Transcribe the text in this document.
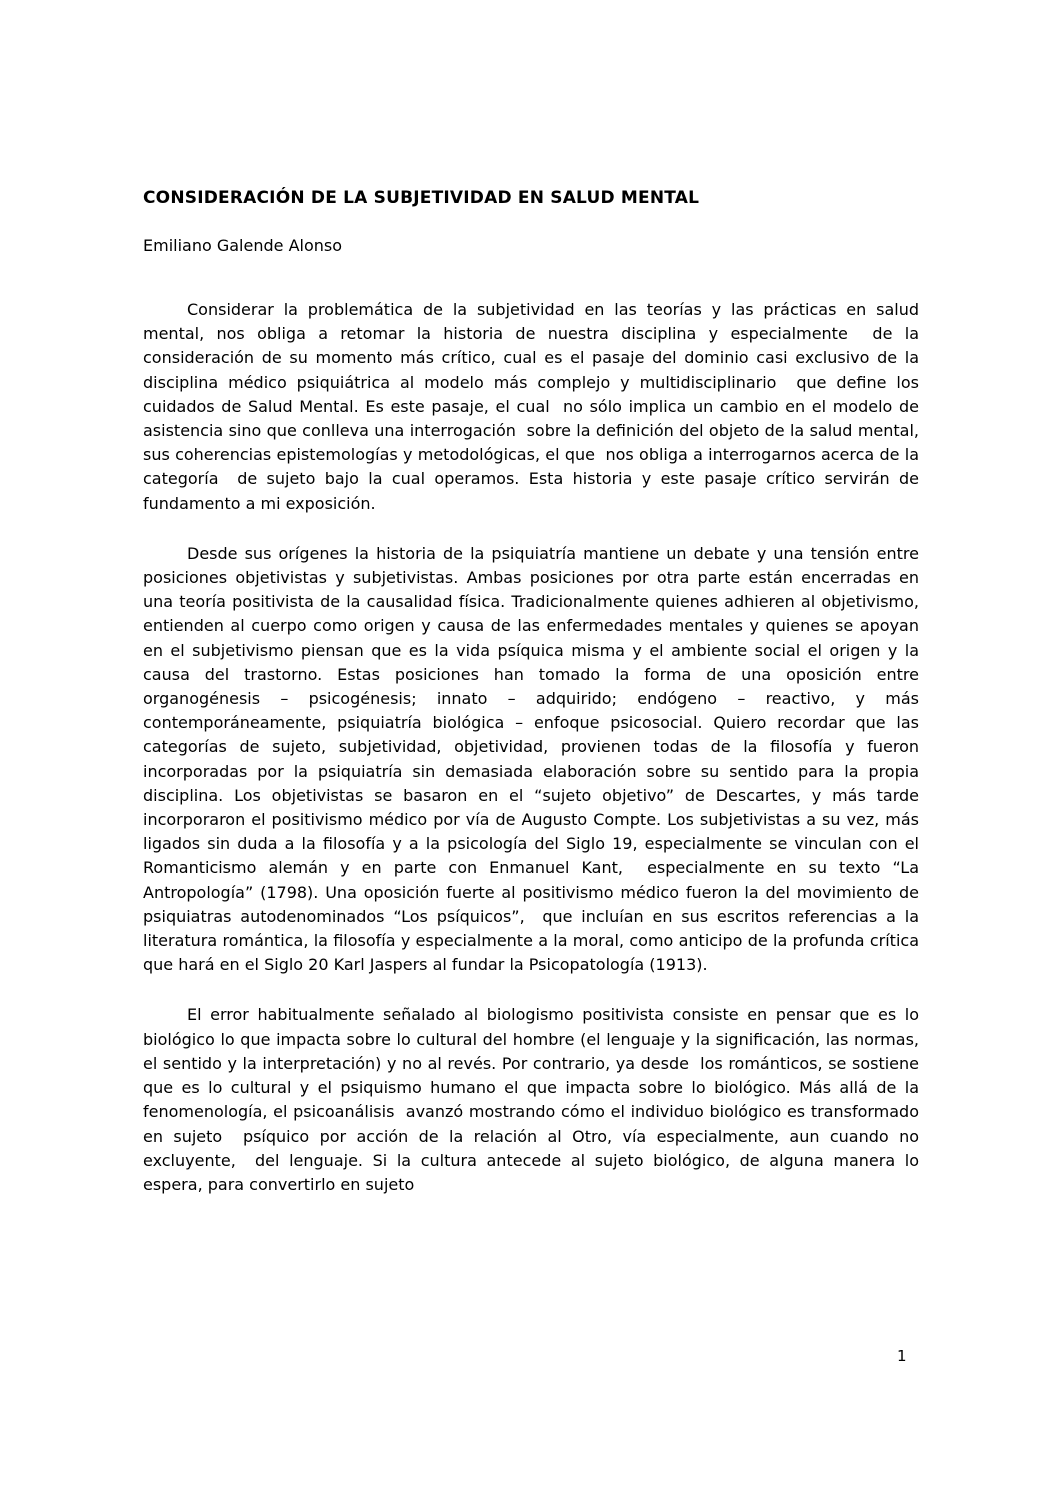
CONSIDERACIÓN DE LA SUBJETIVIDAD EN SALUD MENTAL

Emiliano Galende Alonso

Considerar la problemática de la subjetividad en las teorías y las prácticas en salud mental, nos obliga a retomar la historia de nuestra disciplina y especialmente  de la consideración de su momento más crítico, cual es el pasaje del dominio casi exclusivo de la disciplina médico psiquiátrica al modelo más complejo y multidisciplinario  que define los cuidados de Salud Mental. Es este pasaje, el cual  no sólo implica un cambio en el modelo de asistencia sino que conlleva una interrogación  sobre la definición del objeto de la salud mental, sus coherencias epistemologías y metodológicas, el que  nos obliga a interrogarnos acerca de la  categoría  de sujeto bajo la cual operamos. Esta historia y este pasaje crítico servirán de fundamento a mi exposición.

Desde sus orígenes la historia de la psiquiatría mantiene un debate y una tensión entre posiciones objetivistas y subjetivistas. Ambas posiciones por otra parte están encerradas en una teoría positivista de la causalidad física. Tradicionalmente quienes adhieren al objetivismo, entienden al cuerpo como origen y causa de las enfermedades mentales y quienes se apoyan en el subjetivismo piensan que es la vida psíquica misma y el ambiente social el origen y la causa del trastorno. Estas posiciones han tomado la forma de una oposición entre organogénesis – psicogénesis; innato – adquirido; endógeno – reactivo, y más contemporáneamente, psiquiatría biológica – enfoque psicosocial. Quiero recordar que las categorías de sujeto, subjetividad, objetividad, provienen todas de la filosofía y fueron incorporadas por la psiquiatría sin demasiada elaboración sobre su sentido para la propia disciplina. Los objetivistas se basaron en el “sujeto objetivo” de Descartes, y más tarde incorporaron el positivismo médico por vía de Augusto Compte. Los subjetivistas a su vez, más ligados sin duda a la filosofía y a la psicología del Siglo 19, especialmente se vinculan con el Romanticismo alemán y en parte con Enmanuel Kant,  especialmente en su texto “La Antropología” (1798). Una oposición fuerte al positivismo médico fueron la del movimiento de psiquiatras autodenominados “Los psíquicos”,  que incluían en sus escritos referencias a la literatura romántica, la filosofía y especialmente a la moral, como anticipo de la profunda crítica que hará en el Siglo 20 Karl Jaspers al fundar la Psicopatología (1913).

El error habitualmente señalado al biologismo positivista consiste en pensar que es lo biológico lo que impacta sobre lo cultural del hombre (el lenguaje y la significación, las normas, el sentido y la interpretación) y no al revés. Por contrario, ya desde  los románticos, se sostiene que es lo cultural y el psiquismo humano el que impacta sobre lo biológico. Más allá de la fenomenología, el psicoanálisis  avanzó mostrando cómo el individuo biológico es transformado en sujeto  psíquico por acción de la relación al Otro, vía especialmente, aun cuando no excluyente,  del lenguaje. Si la cultura antecede al sujeto biológico, de alguna manera lo espera, para convertirlo en sujeto

1
